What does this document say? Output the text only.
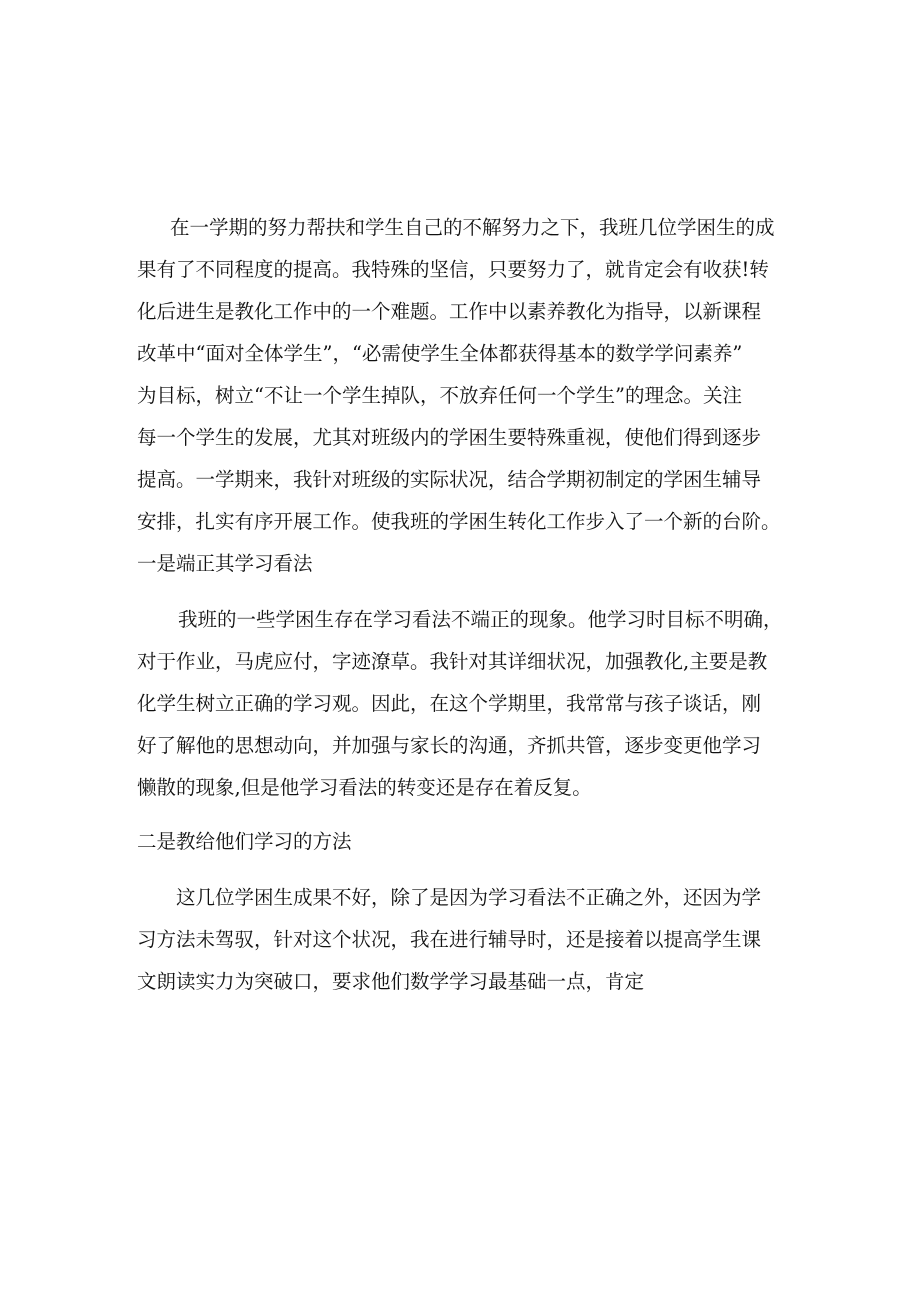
在一学期的努力帮扶和学生自己的不解努力之下，我班几位学困生的成
果有了不同程度的提高。我特殊的坚信，只要努力了，就肯定会有收获!转
化后进生是教化工作中的一个难题。工作中以素养教化为指导，以新课程
改革中“面对全体学生”，“必需使学生全体都获得基本的数学学问素养”
为目标，树立“不让一个学生掉队，不放弃任何一个学生”的理念。关注
每一个学生的发展，尤其对班级内的学困生要特殊重视，使他们得到逐步
提高。一学期来，我针对班级的实际状况，结合学期初制定的学困生辅导
安排，扎实有序开展工作。使我班的学困生转化工作步入了一个新的台阶。
一是端正其学习看法
我班的一些学困生存在学习看法不端正的现象。他学习时目标不明确，
对于作业，马虎应付，字迹潦草。我针对其详细状况，加强教化,主要是教
化学生树立正确的学习观。因此，在这个学期里，我常常与孩子谈话，刚
好了解他的思想动向，并加强与家长的沟通，齐抓共管，逐步变更他学习
懒散的现象,但是他学习看法的转变还是存在着反复。
二是教给他们学习的方法
这几位学困生成果不好，除了是因为学习看法不正确之外，还因为学
习方法未驾驭，针对这个状况，我在进行辅导时，还是接着以提高学生课
文朗读实力为突破口，要求他们数学学习最基础一点，肯定
